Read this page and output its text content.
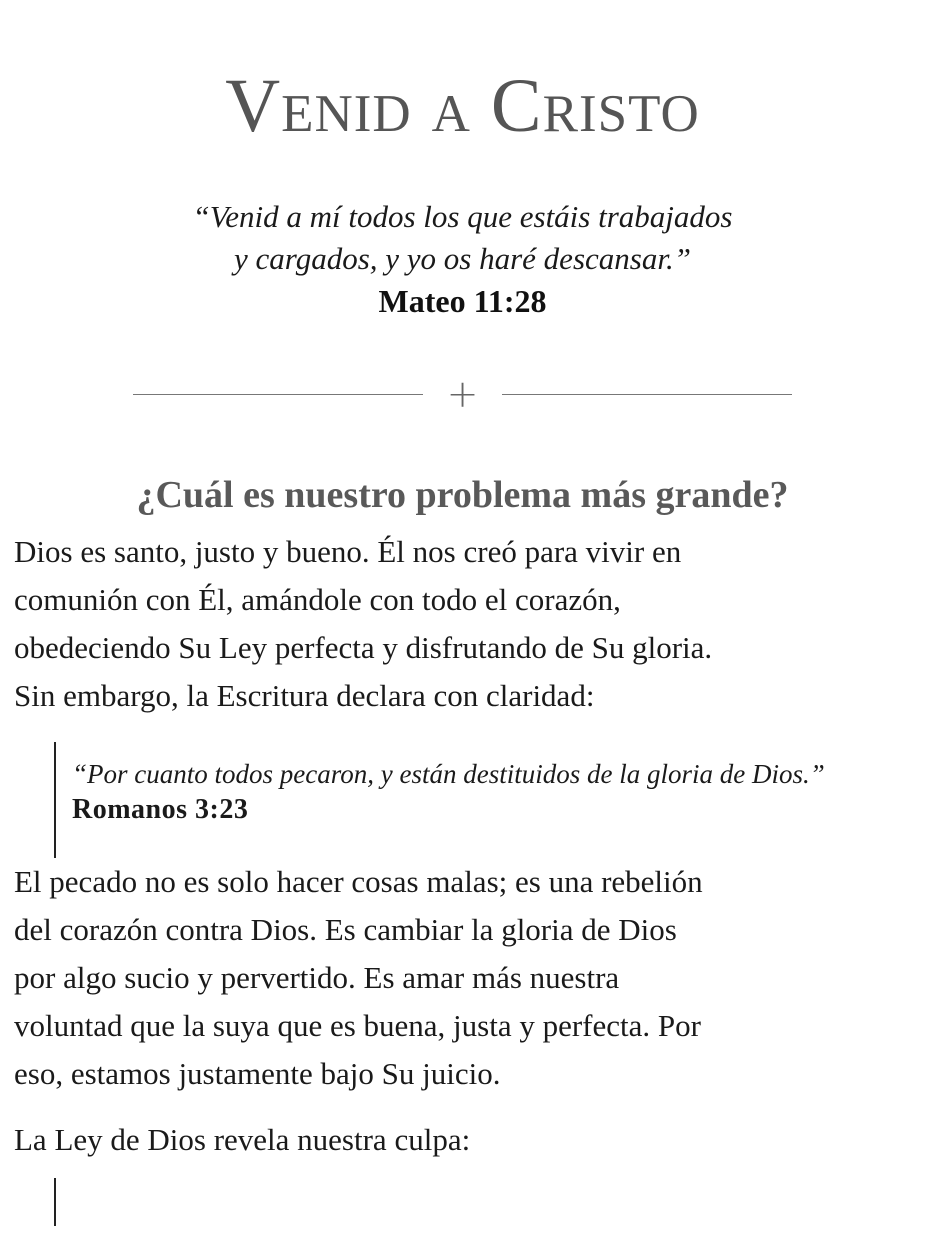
Venid a Cristo
“Venid a mí todos los que estáis trabajados
y cargados, y yo os haré descansar.”
Mateo 11:28
+
¿Cuál es nuestro problema más grande?

Dios es santo, justo y bueno. Él nos creó para vivir en
comunión con Él, amándole con todo el corazón,
obedeciendo Su Ley perfecta y disfrutando de Su gloria.
Sin embargo, la Escritura declara con claridad:

“Por cuanto todos pecaron, y están destituidos de la gloria de Dios.”
Romanos 3:23

El pecado no es solo hacer cosas malas; es una rebelión
del corazón contra Dios. Es cambiar la gloria de Dios
por algo sucio y pervertido. Es amar más nuestra
voluntad que la suya que es buena, justa y perfecta. Por
eso, estamos justamente bajo Su juicio.

La Ley de Dios revela nuestra culpa:
